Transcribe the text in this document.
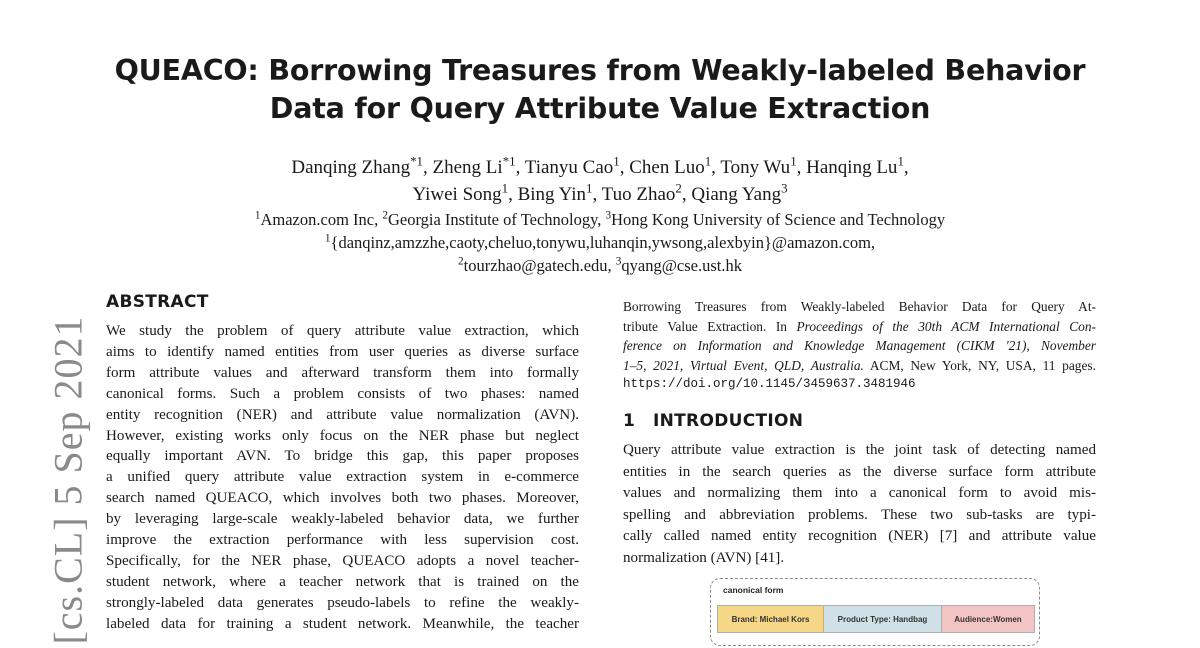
QUEACO: Borrowing Treasures from Weakly-labeled Behavior
Data for Query Attribute Value Extraction
Danqing Zhang$^{*1}$, Zheng Li$^{*1}$, Tianyu Cao$^1$, Chen Luo$^1$, Tony Wu$^1$, Hanqing Lu$^1$,
Yiwei Song$^1$, Bing Yin$^1$, Tuo Zhao$^2$, Qiang Yang$^3$
$^1$Amazon.com Inc, $^2$Georgia Institute of Technology, $^3$Hong Kong University of Science and Technology
$^1${danqinz,amzzhe,caoty,cheluo,tonywu,luhanqin,ywsong,alexbyin}@amazon.com,
$^2$tourzhao@gatech.edu, $^3$qyang@cse.ust.hk
[cs.CL] 5 Sep 2021
ABSTRACT

We study the problem of query attribute value extraction, which
aims to identify named entities from user queries as diverse surface
form attribute values and afterward transform them into formally
canonical forms. Such a problem consists of two phases: named
entity recognition (NER) and attribute value normalization (AVN).
However, existing works only focus on the NER phase but neglect
equally important AVN. To bridge this gap, this paper proposes
a unified query attribute value extraction system in e-commerce
search named QUEACO, which involves both two phases. Moreover,
by leveraging large-scale weakly-labeled behavior data, we further
improve the extraction performance with less supervision cost.
Specifically, for the NER phase, QUEACO adopts a novel teacher-
student network, where a teacher network that is trained on the
strongly-labeled data generates pseudo-labels to refine the weakly-
labeled data for training a student network. Meanwhile, the teacher

Borrowing Treasures from Weakly-labeled Behavior Data for Query At-
tribute Value Extraction. In Proceedings of the 30th ACM International Con-
ference on Information and Knowledge Management (CIKM '21), November
1–5, 2021, Virtual Event, QLD, Australia. ACM, New York, NY, USA, 11 pages.
https://doi.org/10.1145/3459637.3481946

1 INTRODUCTION

Query attribute value extraction is the joint task of detecting named
entities in the search queries as the diverse surface form attribute
values and normalizing them into a canonical form to avoid mis-
spelling and abbreviation problems. These two sub-tasks are typi-
cally called named entity recognition (NER) [7] and attribute value
normalization (AVN) [41].

canonical form
Brand: Michael Kors	Product Type: Handbag	Audience:Women
